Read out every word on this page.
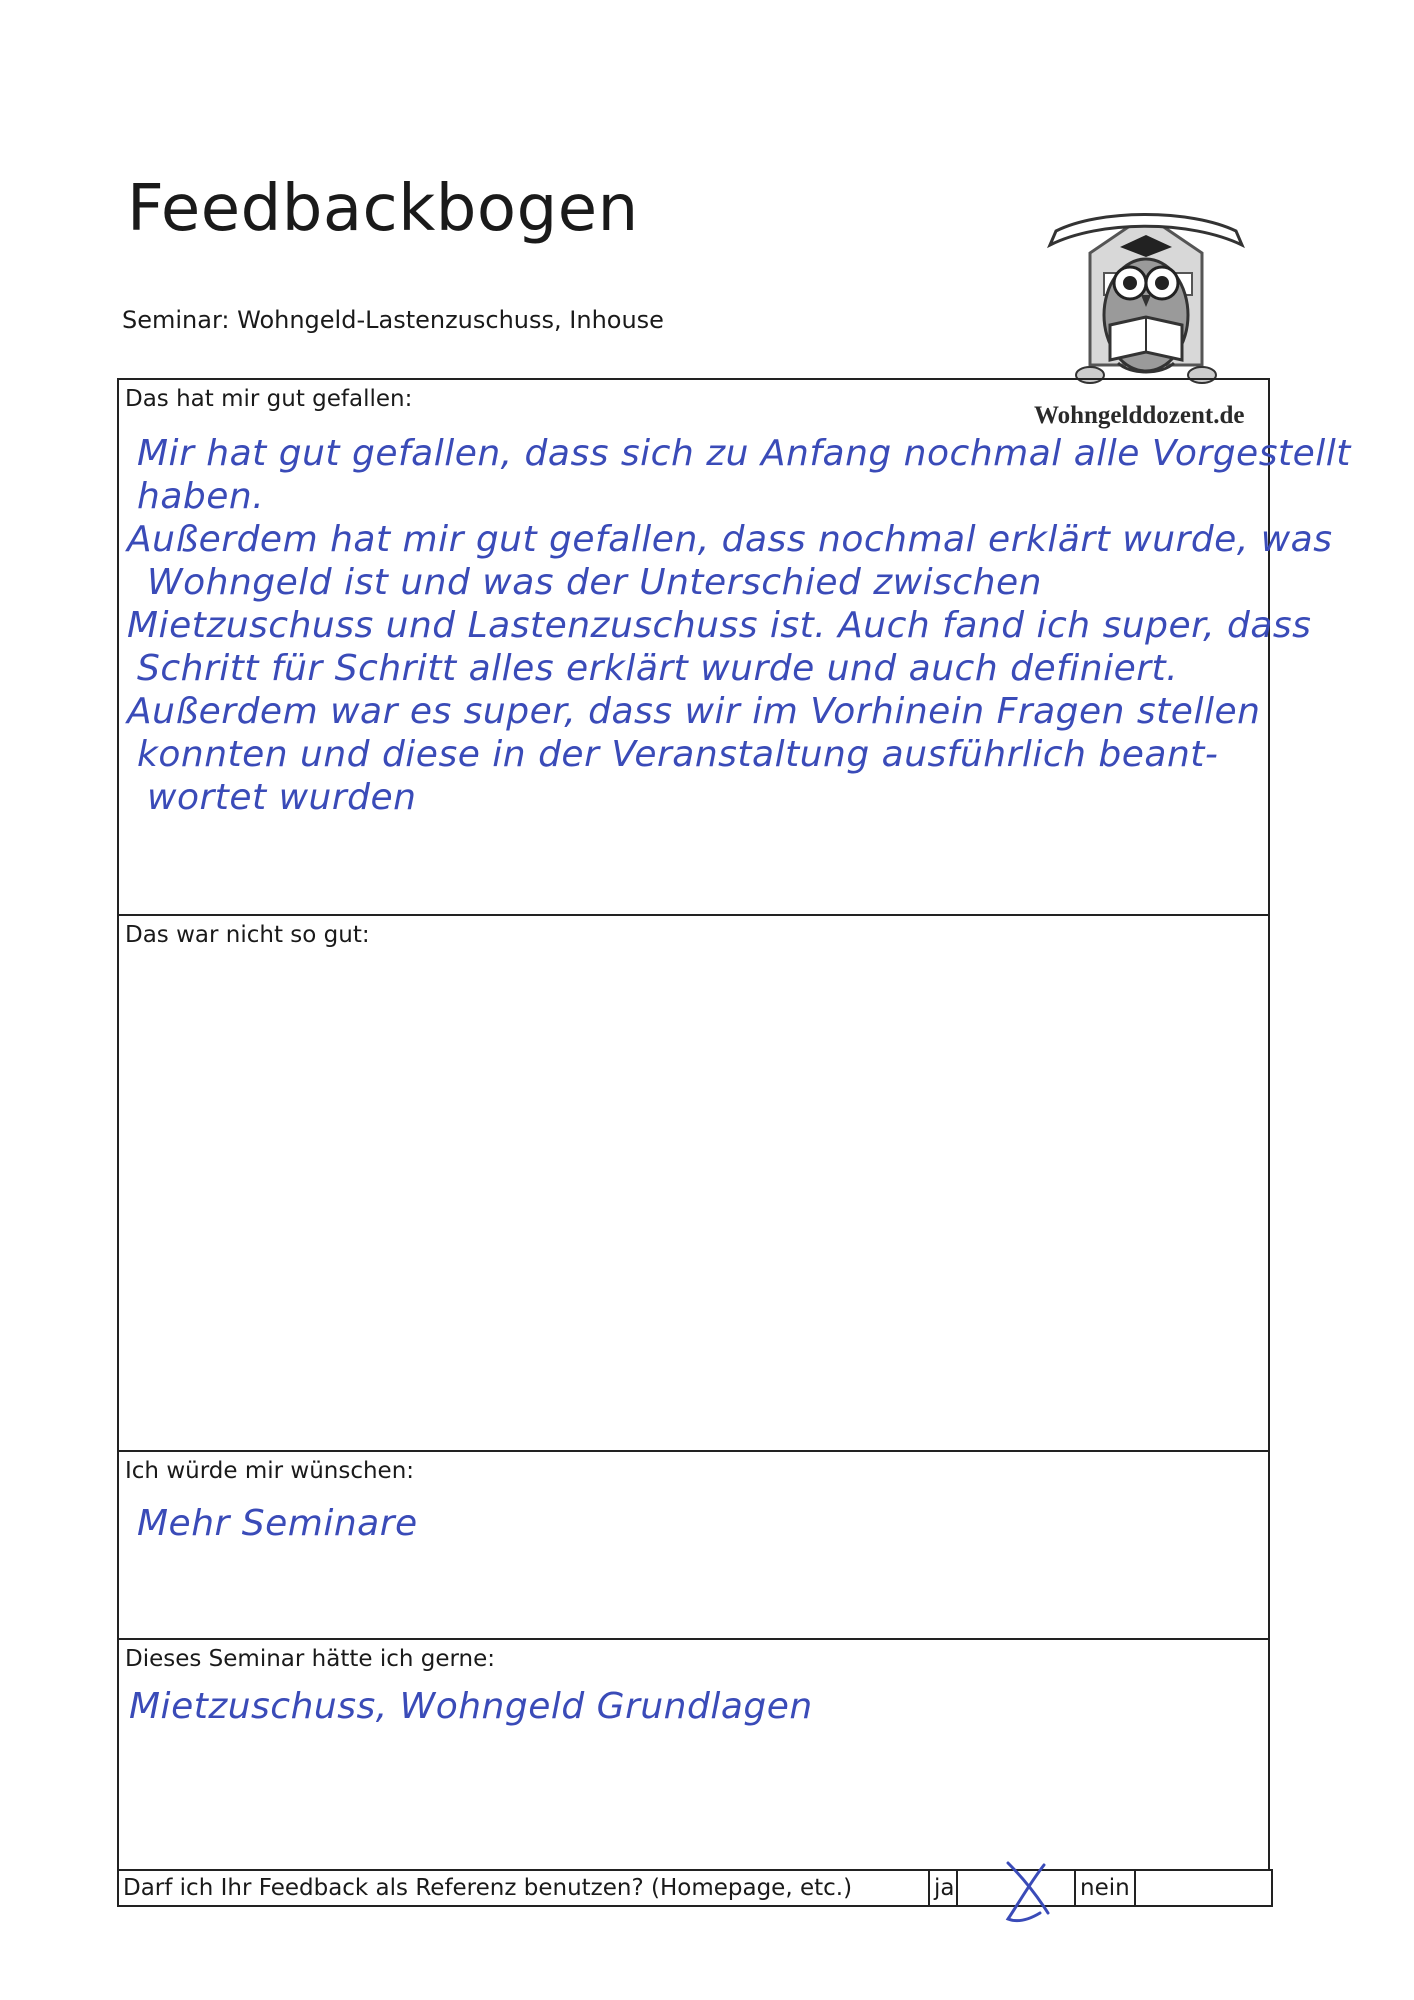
Feedbackbogen
Seminar: Wohngeld-Lastenzuschuss, Inhouse
Wohngelddozent.de
Das hat mir gut gefallen:
Mir hat gut gefallen, dass sich zu Anfang nochmal alle Vorgestellt
haben.
Außerdem hat mir gut gefallen, dass nochmal erklärt wurde, was
Wohngeld ist und was der Unterschied zwischen
Mietzuschuss und Lastenzuschuss ist. Auch fand ich super, dass
Schritt für Schritt alles erklärt wurde und auch definiert.
Außerdem war es super, dass wir im Vorhinein Fragen stellen
konnten und diese in der Veranstaltung ausführlich beant-
wortet wurden
Das war nicht so gut:
Ich würde mir wünschen:
Mehr Seminare
Dieses Seminar hätte ich gerne:
Mietzuschuss, Wohngeld Grundlagen
Darf ich Ihr Feedback als Referenz benutzen? (Homepage, etc.)	ja	nein
